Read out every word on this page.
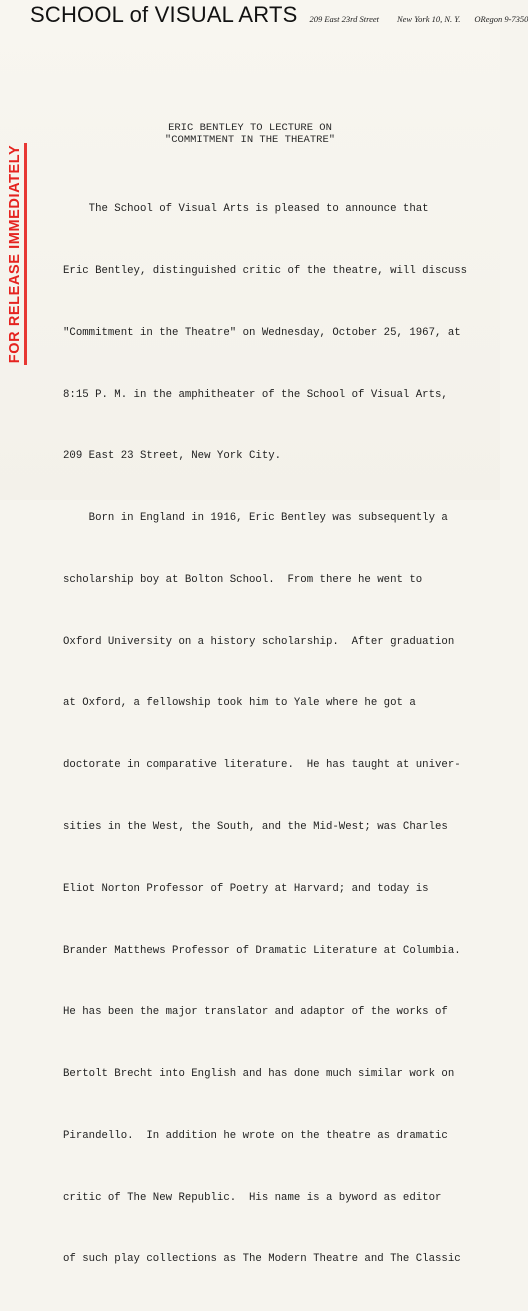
SCHOOL of VISUAL ARTS 209 East 23rd Street New York 10, N. Y. ORegon 9-7350
FOR RELEASE IMMEDIATELY
ERIC BENTLEY TO LECTURE ON
"COMMITMENT IN THE THEATRE"

The School of Visual Arts is pleased to announce that

Eric Bentley, distinguished critic of the theatre, will discuss

"Commitment in the Theatre" on Wednesday, October 25, 1967, at

8:15 P. M. in the amphitheater of the School of Visual Arts,

209 East 23 Street, New York City.

Born in England in 1916, Eric Bentley was subsequently a

scholarship boy at Bolton School.  From there he went to

Oxford University on a history scholarship.  After graduation

at Oxford, a fellowship took him to Yale where he got a

doctorate in comparative literature.  He has taught at univer-

sities in the West, the South, and the Mid-West; was Charles

Eliot Norton Professor of Poetry at Harvard; and today is

Brander Matthews Professor of Dramatic Literature at Columbia.

He has been the major translator and adaptor of the works of

Bertolt Brecht into English and has done much similar work on

Pirandello.  In addition he wrote on the theatre as dramatic

critic of The New Republic.  His name is a byword as editor

of such play collections as The Modern Theatre and The Classic
